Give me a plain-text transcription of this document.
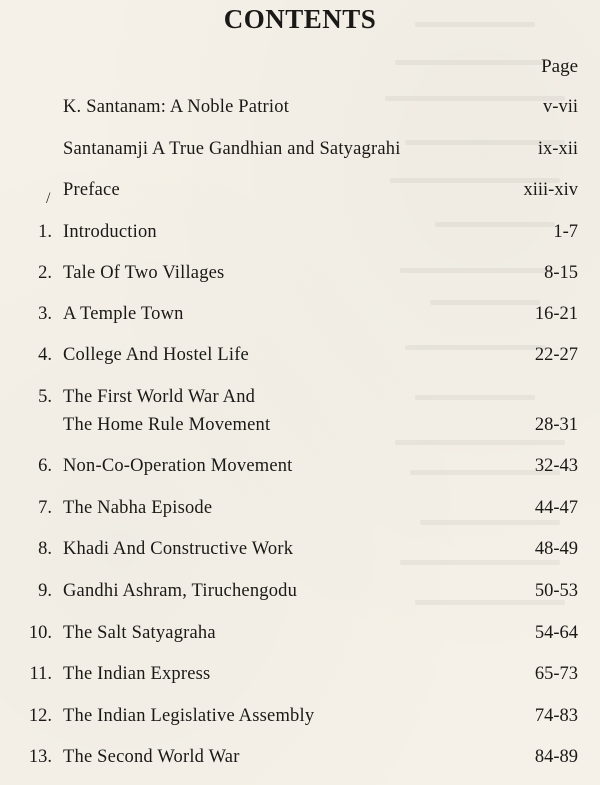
CONTENTS
Page
/
K. Santanam: A Noble Patriot	v-vii
Santanamji A True Gandhian and Satyagrahi	ix-xii
Preface	xiii-xiv
1. Introduction	1-7
2. Tale Of Two Villages	8-15
3. A Temple Town	16-21
4. College And Hostel Life	22-27
5. The First World War And
The Home Rule Movement	28-31
6. Non-Co-Operation Movement	32-43
7. The Nabha Episode	44-47
8. Khadi And Constructive Work	48-49
9. Gandhi Ashram, Tiruchengodu	50-53
10. The Salt Satyagraha	54-64
11. The Indian Express	65-73
12. The Indian Legislative Assembly	74-83
13. The Second World War	84-89
